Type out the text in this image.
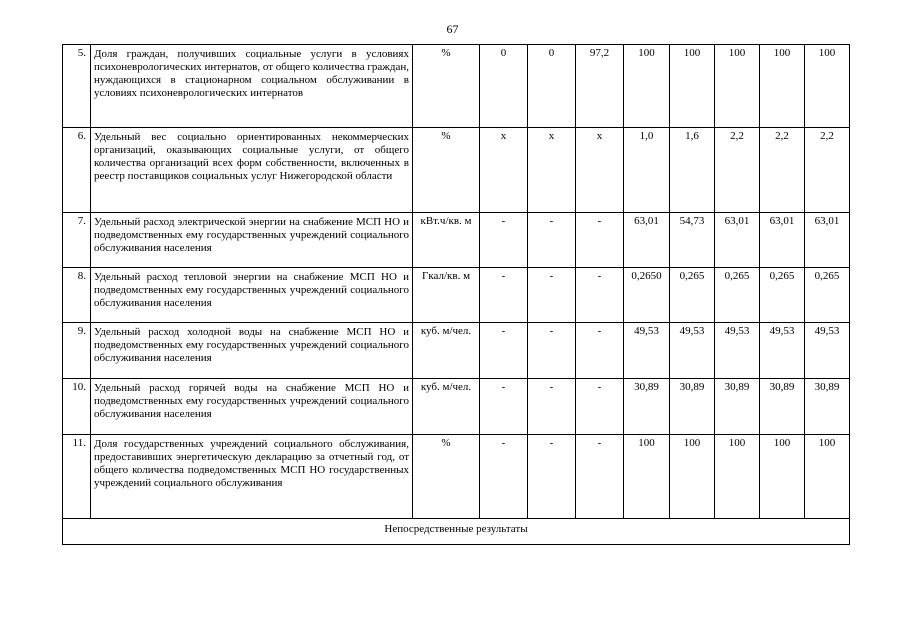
67
5.	Доля граждан, получивших социальные услуги в условиях психоневрологических интернатов, от общего количества граждан, нуждающихся в стационарном социальном обслуживании в условиях психоневрологических интернатов	%	0	0	97,2	100	100	100	100	100
6.	Удельный вес социально ориентированных некоммерческих организаций, оказывающих социальные услуги, от общего количества организаций всех форм собственности, включенных в реестр поставщиков социальных услуг Нижегородской области	%	x	x	x	1,0	1,6	2,2	2,2	2,2
7.	Удельный расход электрической энергии на снабжение МСП НО и подведомственных ему государственных учреждений социального обслуживания населения	кВт.ч/кв. м	-	-	-	63,01	54,73	63,01	63,01	63,01
8.	Удельный расход тепловой энергии на снабжение МСП НО и подведомственных ему государственных учреждений социального обслуживания населения	Гкал/кв. м	-	-	-	0,2650	0,265	0,265	0,265	0,265
9.	Удельный расход холодной воды на снабжение МСП НО и подведомственных ему государственных учреждений социального обслуживания населения	куб. м/чел.	-	-	-	49,53	49,53	49,53	49,53	49,53
10.	Удельный расход горячей воды на снабжение МСП НО и подведомственных ему государственных учреждений социального обслуживания населения	куб. м/чел.	-	-	-	30,89	30,89	30,89	30,89	30,89
11.	Доля государственных учреждений социального обслуживания, предоставивших энергетическую декларацию за отчетный год, от общего количества подведомственных МСП НО государственных учреждений социального обслуживания	%	-	-	-	100	100	100	100	100
Непосредственные результаты										
